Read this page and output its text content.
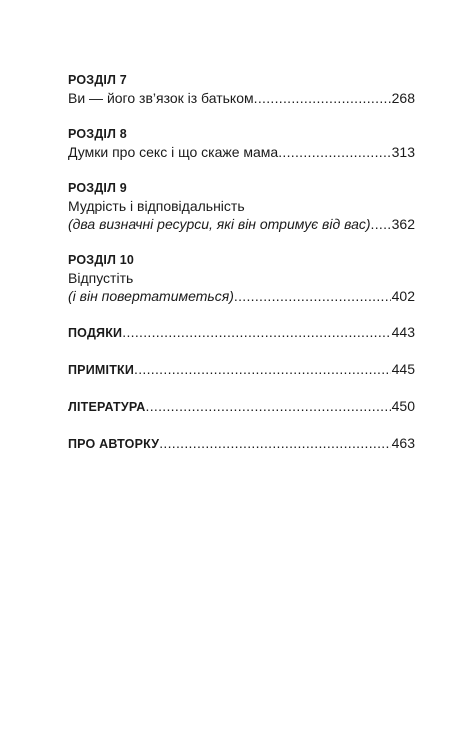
РОЗДІЛ 7
Ви — його зв’язок із батьком .....	268
РОЗДІЛ 8
Думки про секс і що скаже мама .....	313
РОЗДІЛ 9
Мудрість і відповідальність
(два визначні ресурси, які він отримує від вас) ..... 362
РОЗДІЛ 10
Відпустіть
(і він повертатиметься) .....	402
ПОДЯКИ .....	443
ПРИМІТКИ .....	445
ЛІТЕРАТУРА .....	450
ПРО АВТОРКУ .....	463
